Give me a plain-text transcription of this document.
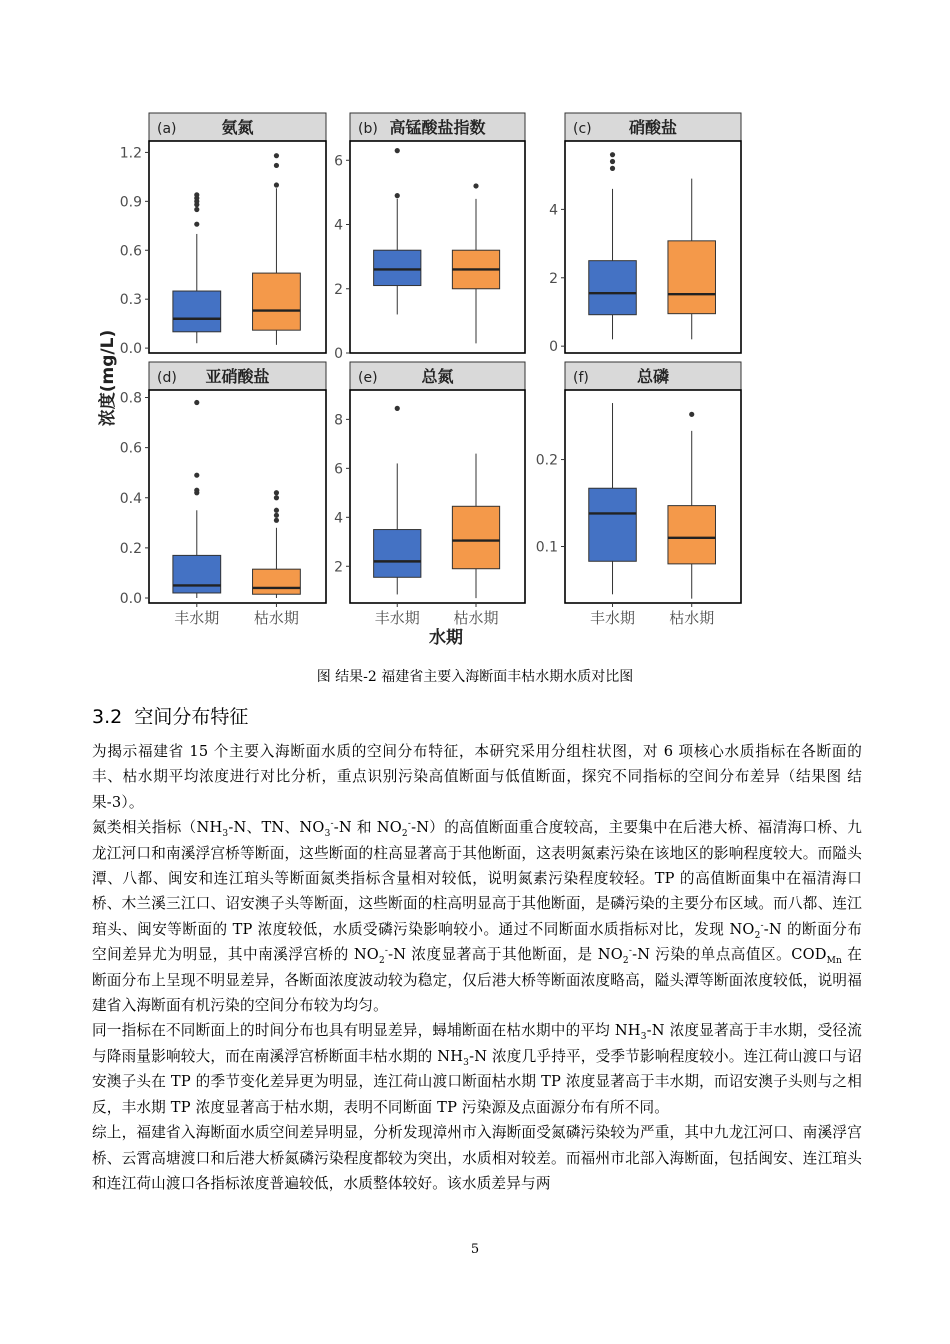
(a)	氨氮
0.0
0.3
0.6
0.9
1.2
(b) 高锰酸盐指数
0
2
4
6
(c) 硝酸盐
0
2
4
(d) 亚硝酸盐
0.0
0.2
0.4
0.6
0.8
丰水期 枯水期
(e)	总氮
2
4
6
8
丰水期 枯水期
(f)	总磷
0.1
0.2
丰水期 枯水期
浓度(mg/L)
水期
图 结果-2 福建省主要入海断面丰枯水期水质对比图
3.2 空间分布特征

为揭示福建省 15 个主要入海断面水质的空间分布特征，本研究采用分组柱状图，对 6 项核心水质指标在各断面的丰、枯水期平均浓度进行对比分析，重点识别污染高值断面与低值断面，探究不同指标的空间分布差异（结果图 结果-3）。

氮类相关指标（$NH_3-N$、TN、$NO_3^--N$ 和 $NO_2^--N$）的高值断面重合度较高，主要集中在后港大桥、福清海口桥、九龙江河口和南溪浮宫桥等断面，这些断面的柱高显著高于其他断面，这表明氮素污染在该地区的影响程度较大。而隘头潭、八都、闽安和连江琯头等断面氮类指标含量相对较低，说明氮素污染程度较轻。TP 的高值断面集中在福清海口桥、木兰溪三江口、诏安澳子头等断面，这些断面的柱高明显高于其他断面，是磷污染的主要分布区域。而八都、连江琯头、闽安等断面的 TP 浓度较低，水质受磷污染影响较小。通过不同断面水质指标对比，发现 $NO_2^--N$ 的断面分布空间差异尤为明显，其中南溪浮宫桥的 $NO_2^--N$ 浓度显著高于其他断面，是 $NO_2^--N$ 污染的单点高值区。$COD_{Mn}$ 在断面分布上呈现不明显差异，各断面浓度波动较为稳定，仅后港大桥等断面浓度略高，隘头潭等断面浓度较低，说明福建省入海断面有机污染的空间分布较为均匀。

同一指标在不同断面上的时间分布也具有明显差异，蟳埔断面在枯水期中的平均 $NH_3-N$ 浓度显著高于丰水期，受径流与降雨量影响较大，而在南溪浮宫桥断面丰枯水期的 $NH_3-N$ 浓度几乎持平，受季节影响程度较小。连江荷山渡口与诏安澳子头在 TP 的季节变化差异更为明显，连江荷山渡口断面枯水期 TP 浓度显著高于丰水期，而诏安澳子头则与之相反，丰水期 TP 浓度显著高于枯水期，表明不同断面 TP 污染源及点面源分布有所不同。

综上，福建省入海断面水质空间差异明显，分析发现漳州市入海断面受氮磷污染较为严重，其中九龙江河口、南溪浮宫桥、云霄高塘渡口和后港大桥氮磷污染程度都较为突出，水质相对较差。而福州市北部入海断面，包括闽安、连江琯头和连江荷山渡口各指标浓度普遍较低，水质整体较好。该水质差异与两

5
